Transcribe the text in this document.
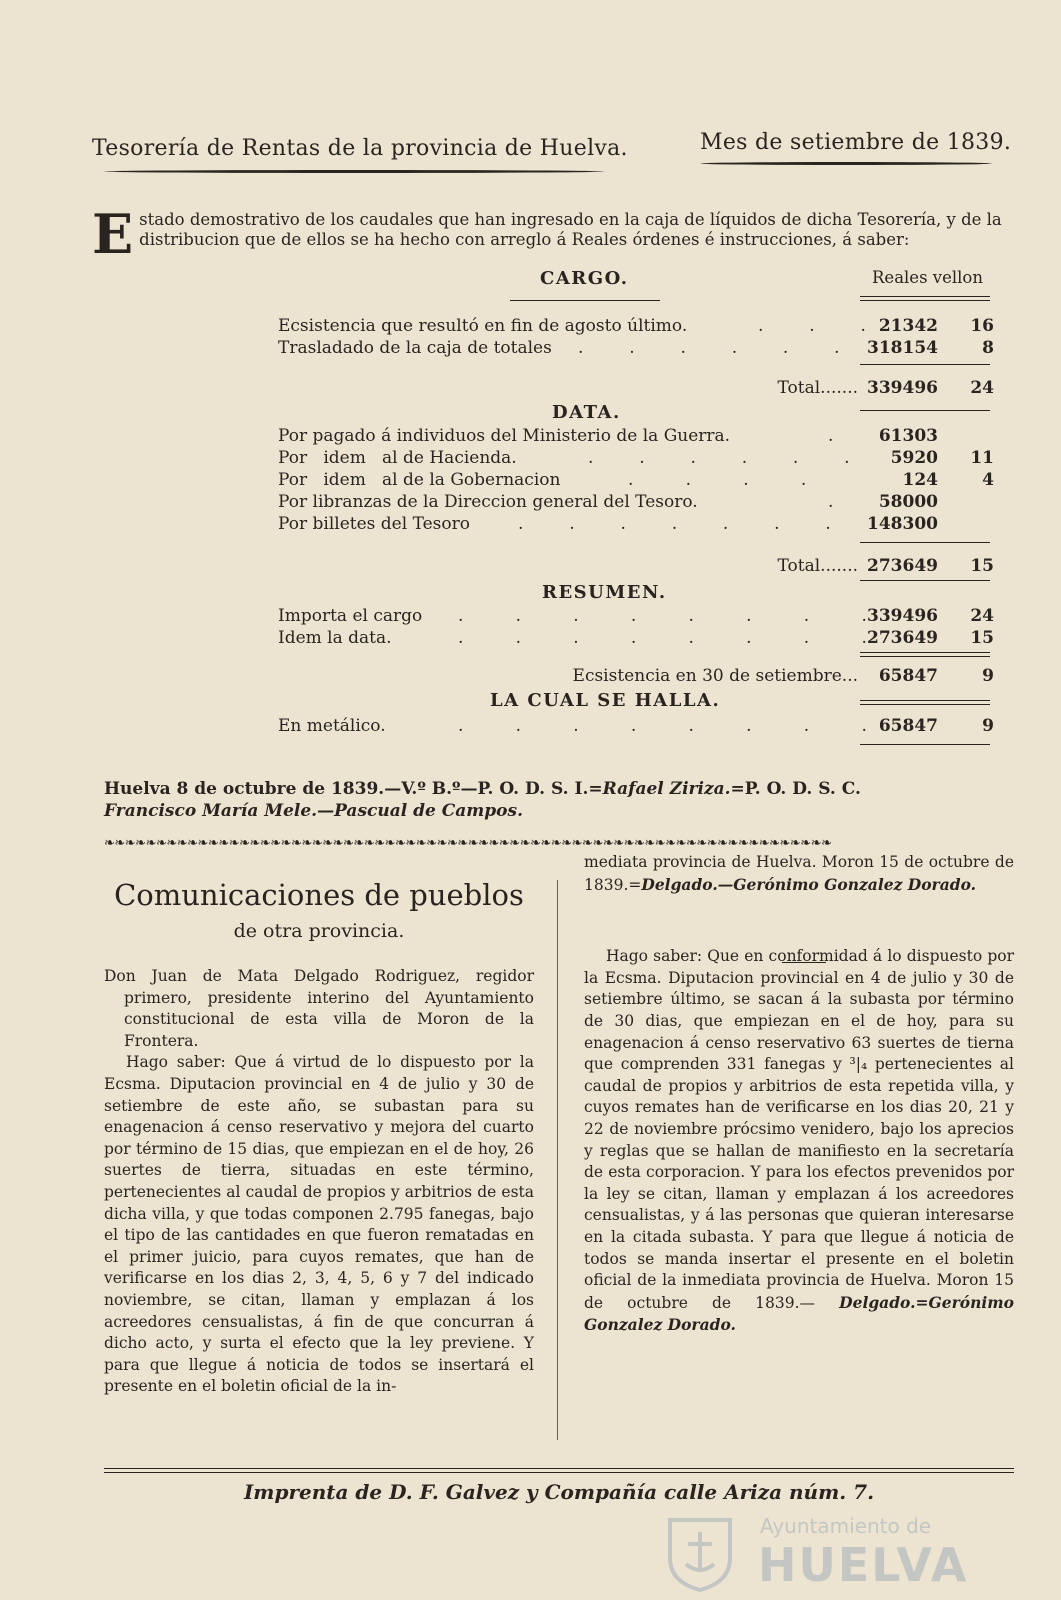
Tesorería de Rentas de la provincia de Huelva.	Mes de setiembre de 1839.
Estado demostrativo de los caudales que han ingresado en la caja de líquidos de dicha Tesorería, y de la distribucion que de ellos se ha hecho con arreglo á Reales órdenes é instrucciones, á saber:
Reales vellon
CARGO.
Ecsistencia que resultó en fin de agosto último.	.       .       . 21342 16
Trasladado de la caja de totales .       .       .       .       .       . 318154	8
Total....... 339496 24
DATA.
Por pagado á individuos del Ministerio de la Guerra.	.	61303
Por   idem   al de Hacienda.	.       .       .       .       .       . 5920 11
Por   idem   al de la Gobernacion	.        .        .        .	124	4
Por libranzas de la Direccion general del Tesoro.	.	58000
Por billetes del Tesoro	.       .       .       .       .       .       . 148300
Total....... 273649 15
RESUMEN.
Importa el cargo .        .        .        .        .        .        .        . 339496 24
Idem la data.	.        .        .        .        .        .        .        . 273649 15
Ecsistencia en 30 de setiembre... 65847	9
LA CUAL SE HALLA.
En metálico.	.        .        .        .        .        .        .        . 65847	9
Huelva 8 de octubre de 1839.—V.º B.º—P. O. D. S. I.=Rafael Ziriza.=P. O. D. S. C.
Francisco María Mele.—Pascual de Campos.
❧❧❧❧❧❧❧❧❧❧❧❧❧❧❧❧❧❧❧❧❧❧❧❧❧❧❧❧❧❧❧❧❧❧❧❧❧❧❧❧❧❧❧❧❧❧❧❧❧❧❧❧❧❧❧❧❧❧❧❧❧❧❧❧❧❧❧❧❧❧
Comunicaciones de pueblos
de otra provincia.

Don Juan de Mata Delgado Rodriguez, regidor primero, presidente interino del Ayuntamiento constitucional de esta villa de Moron de la Frontera.

Hago saber: Que á virtud de lo dispuesto por la Ecsma. Diputacion provincial en 4 de julio y 30 de setiembre de este año, se subastan para su enagenacion á censo reservativo y mejora del cuarto por término de 15 dias, que empiezan en el de hoy, 26 suertes de tierra, situadas en este término, pertenecientes al caudal de propios y arbitrios de esta dicha villa, y que todas componen 2.795 fanegas, bajo el tipo de las cantidades en que fueron rematadas en el primer juicio, para cuyos remates, que han de verificarse en los dias 2, 3, 4, 5, 6 y 7 del indicado noviembre, se citan, llaman y emplazan á los acreedores censualistas, á fin de que concurran á dicho acto, y surta el efecto que la ley previene. Y para que llegue á noticia de todos se insertará el presente en el boletin oficial de la in-

mediata provincia de Huelva. Moron 15 de octubre de 1839.=Delgado.—Gerónimo Gonzalez Dorado.

Hago saber: Que en conformidad á lo dispuesto por la Ecsma. Diputacion provincial en 4 de julio y 30 de setiembre último, se sacan á la subasta por término de 30 dias, que empiezan en el de hoy, para su enagenacion á censo reservativo 63 suertes de tierna que comprenden 331 fanegas y ³|₄ pertenecientes al caudal de propios y arbitrios de esta repetida villa, y cuyos remates han de verificarse en los dias 20, 21 y 22 de noviembre prócsimo venidero, bajo los aprecios y reglas que se hallan de manifiesto en la secretaría de esta corporacion. Y para los efectos prevenidos por la ley se citan, llaman y emplazan á los acreedores censualistas, y á las personas que quieran interesarse en la citada subasta. Y para que llegue á noticia de todos se manda insertar el presente en el boletin oficial de la inmediata provincia de Huelva. Moron 15 de octubre de 1839.— Delgado.=Gerónimo Gonzalez Dorado.

Imprenta de D. F. Galvez y Compañía calle Ariza núm. 7.
Ayuntamiento de
HUELVA
